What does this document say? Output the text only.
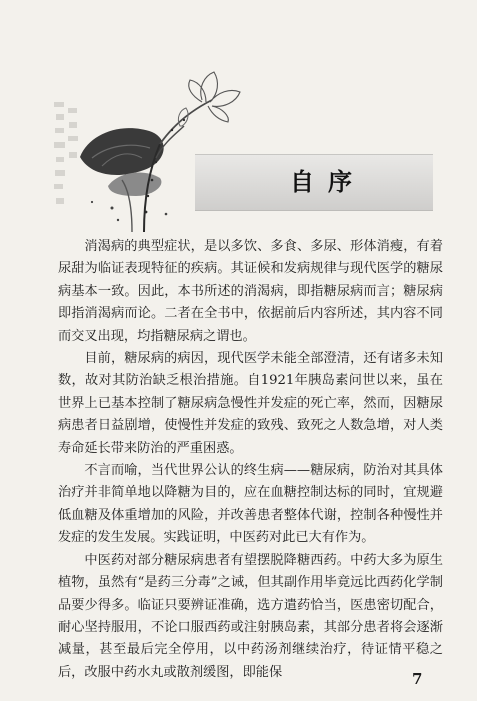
自序

消渴病的典型症状，是以多饮、多食、多尿、形体消瘦，有着尿甜为临证表现特征的疾病。其证候和发病规律与现代医学的糖尿病基本一致。因此，本书所述的消渴病，即指糖尿病而言；糖尿病即指消渴病而论。二者在全书中，依据前后内容所述，其内容不同而交叉出现，均指糖尿病之谓也。

目前，糖尿病的病因，现代医学未能全部澄清，还有诸多未知数，故对其防治缺乏根治措施。自1921年胰岛素问世以来，虽在世界上已基本控制了糖尿病急慢性并发症的死亡率，然而，因糖尿病患者日益剧增，使慢性并发症的致残、致死之人数急增，对人类寿命延长带来防治的严重困惑。

不言而喻，当代世界公认的终生病——糖尿病，防治对其具体治疗并非简单地以降糖为目的，应在血糖控制达标的同时，宜规避低血糖及体重增加的风险，并改善患者整体代谢，控制各种慢性并发症的发生发展。实践证明，中医药对此已大有作为。

中医药对部分糖尿病患者有望摆脱降糖西药。中药大多为原生植物，虽然有“是药三分毒”之诫，但其副作用毕竟远比西药化学制品要少得多。临证只要辨证准确，选方遣药恰当，医患密切配合，耐心坚持服用，不论口服西药或注射胰岛素，其部分患者将会逐渐减量，甚至最后完全停用，以中药汤剂继续治疗，待证情平稳之后，改服中药水丸或散剂缓图，即能保	7
